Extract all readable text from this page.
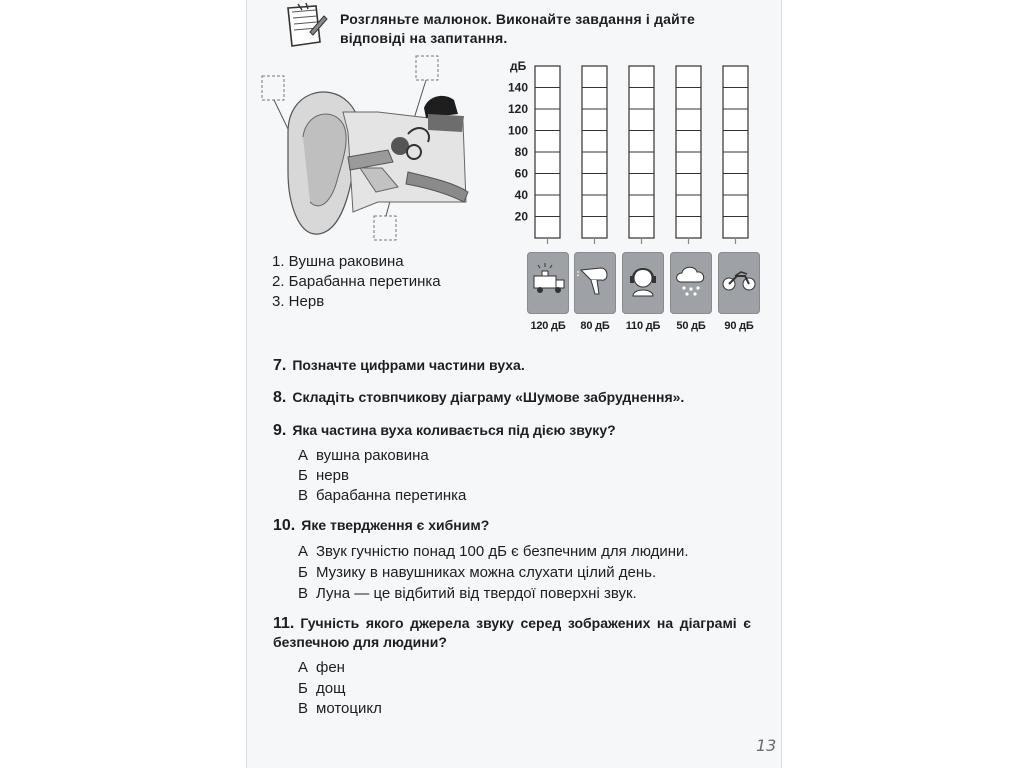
Розгляньте малюнок. Виконайте завдання і дайте
відповіді на запитання.
1. Вушна раковина
2. Барабанна перетинка
3. Нерв
дБ
140
120
100
80
60
40
20
120 дБ	80 дБ	110 дБ	50 дБ	90 дБ
7. Позначте цифрами частини вуха.
8. Складіть стовпчикову діаграму «Шумове забруднення».
9. Яка частина вуха коливається під дією звуку?
А вушна раковина
Б нерв
В барабанна перетинка
10. Яке твердження є хибним?
А Звук гучністю понад 100 дБ є безпечним для людини.
Б Музику в навушниках можна слухати цілий день.
В Луна — це відбитий від твердої поверхні звук.
11. Гучність якого джерела звуку серед зображених на діаграмі є безпечною для людини?
А фен
Б дощ
В мотоцикл
13
